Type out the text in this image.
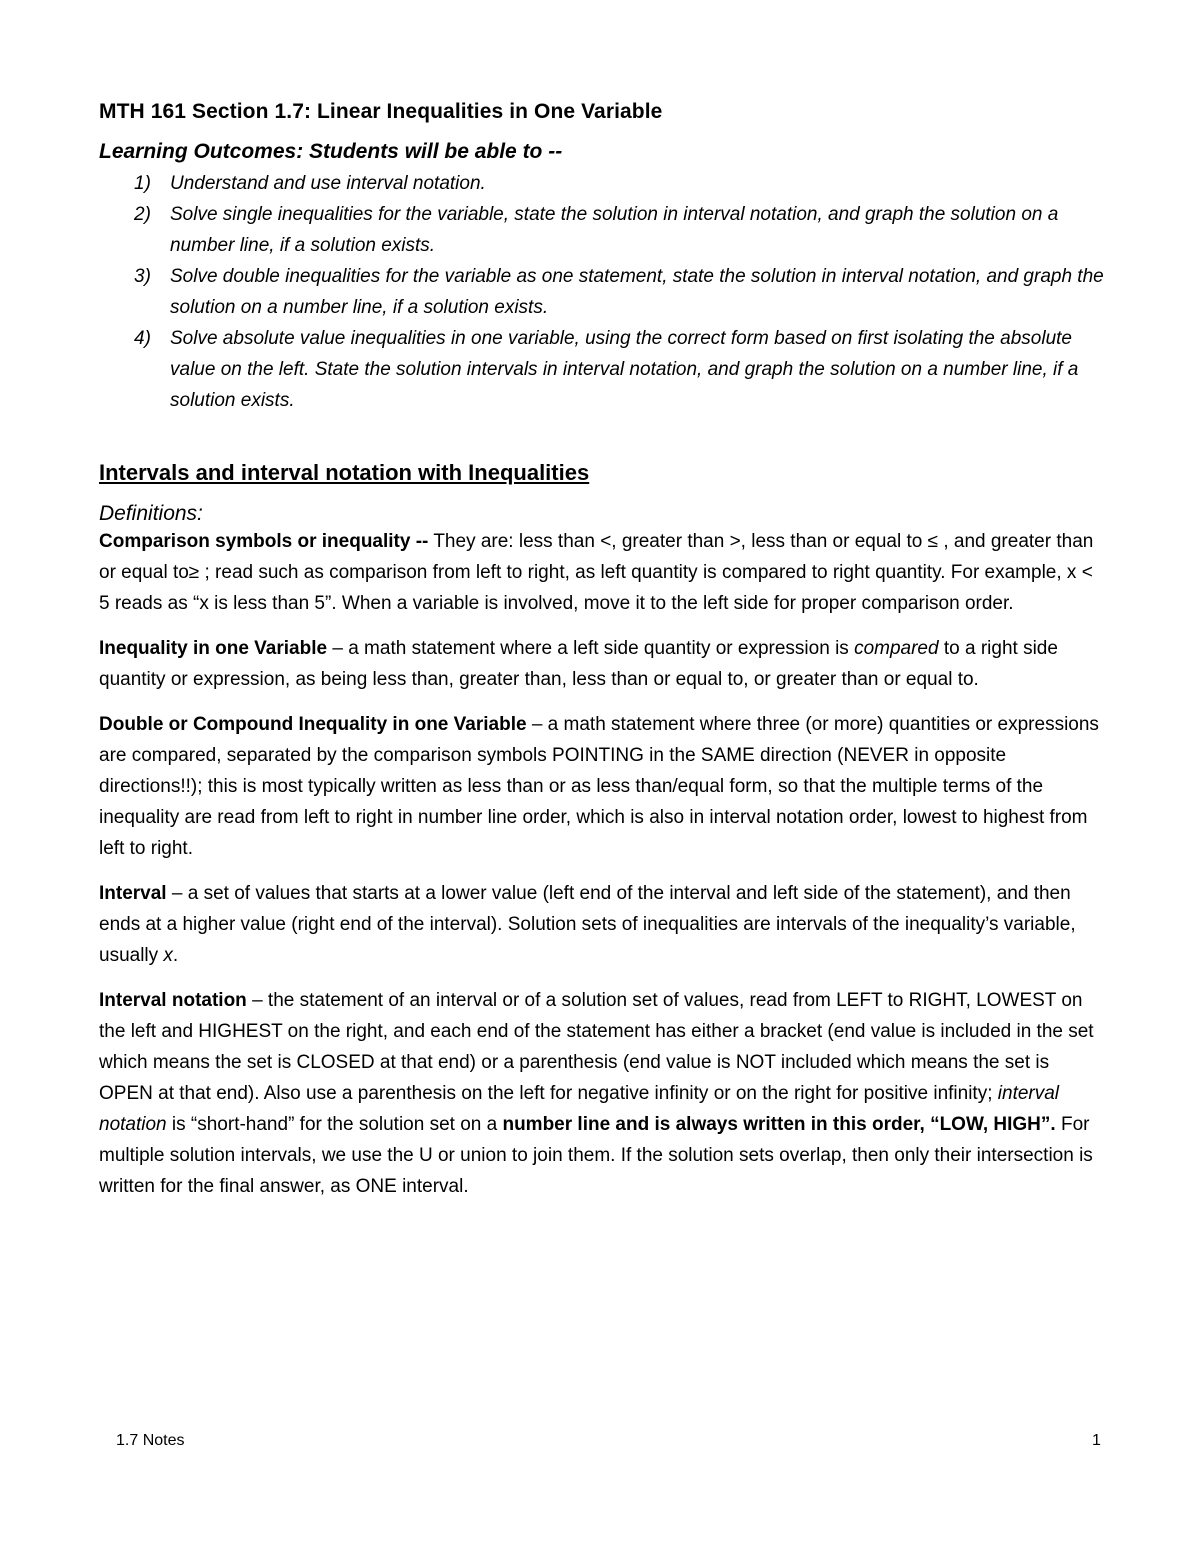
MTH 161 Section 1.7: Linear Inequalities in One Variable

Learning Outcomes: Students will be able to --

1) Understand and use interval notation.
2) Solve single inequalities for the variable, state the solution in interval notation, and graph the solution on a number line, if a solution exists.
3) Solve double inequalities for the variable as one statement, state the solution in interval notation, and graph the solution on a number line, if a solution exists.
4) Solve absolute value inequalities in one variable, using the correct form based on first isolating the absolute value on the left. State the solution intervals in interval notation, and graph the solution on a number line, if a solution exists.
Intervals and interval notation with Inequalities

Definitions:

Comparison symbols or inequality -- They are: less than <, greater than >, less than or equal to ≤ , and greater than or equal to≥ ; read such as comparison from left to right, as left quantity is compared to right quantity. For example, x < 5 reads as “x is less than 5”. When a variable is involved, move it to the left side for proper comparison order.

Inequality in one Variable – a math statement where a left side quantity or expression is compared to a right side quantity or expression, as being less than, greater than, less than or equal to, or greater than or equal to.

Double or Compound Inequality in one Variable – a math statement where three (or more) quantities or expressions are compared, separated by the comparison symbols POINTING in the SAME direction (NEVER in opposite directions!!); this is most typically written as less than or as less than/equal form, so that the multiple terms of the inequality are read from left to right in number line order, which is also in interval notation order, lowest to highest from left to right.

Interval – a set of values that starts at a lower value (left end of the interval and left side of the statement), and then ends at a higher value (right end of the interval). Solution sets of inequalities are intervals of the inequality’s variable, usually x.

Interval notation – the statement of an interval or of a solution set of values, read from LEFT to RIGHT, LOWEST on the left and HIGHEST on the right, and each end of the statement has either a bracket (end value is included in the set which means the set is CLOSED at that end) or a parenthesis (end value is NOT included which means the set is OPEN at that end). Also use a parenthesis on the left for negative infinity or on the right for positive infinity; interval notation is “short-hand” for the solution set on a number line and is always written in this order, “LOW, HIGH”. For multiple solution intervals, we use the U or union to join them. If the solution sets overlap, then only their intersection is written for the final answer, as ONE interval.

1.7 Notes	1
